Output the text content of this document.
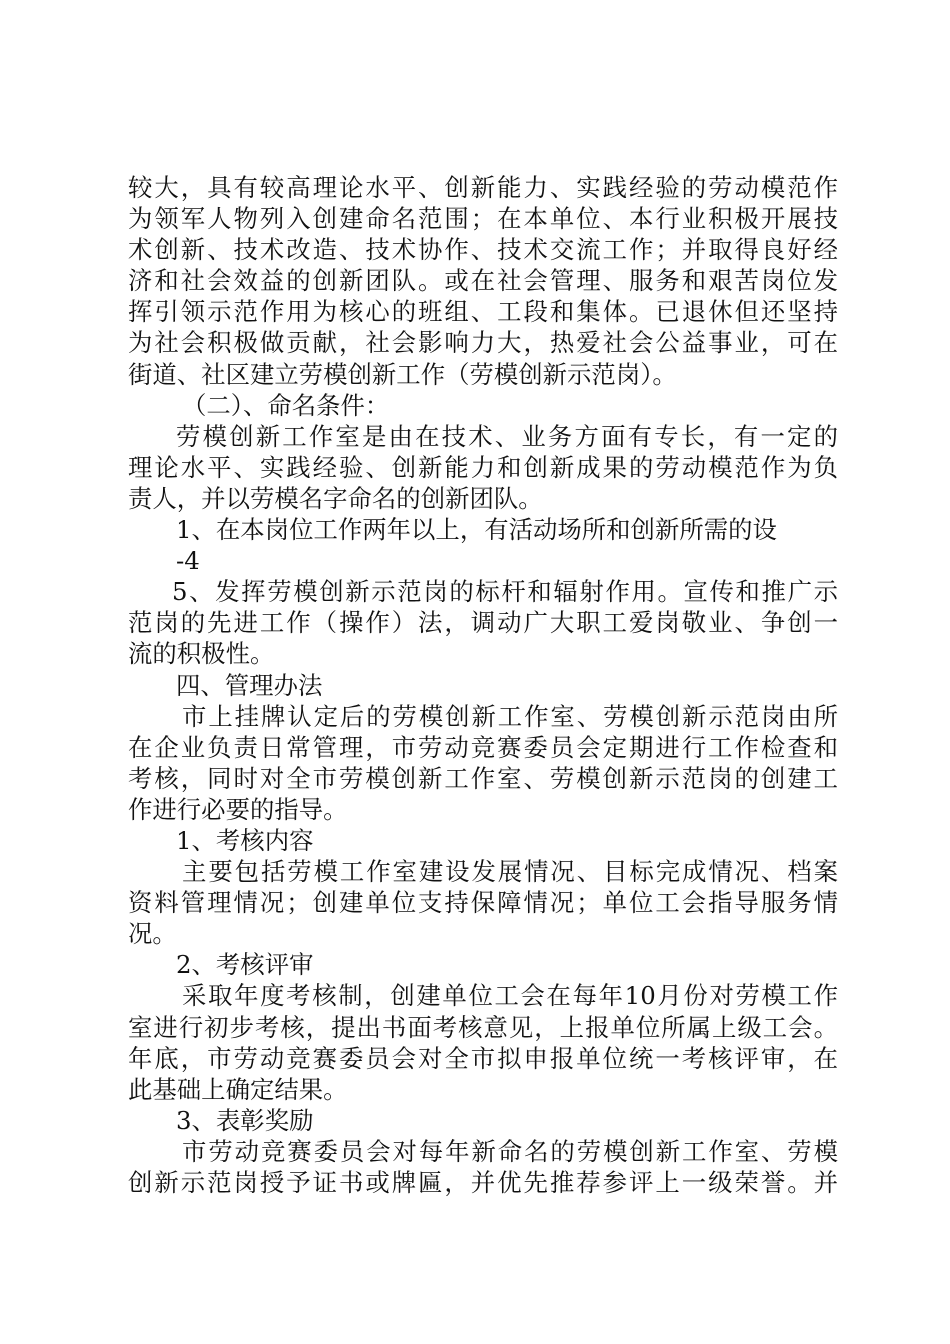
较大，具有较高理论水平、创新能力、实践经验的劳动模范作
为领军人物列入创建命名范围；在本单位、本行业积极开展技
术创新、技术改造、技术协作、技术交流工作；并取得良好经
济和社会效益的创新团队。或在社会管理、服务和艰苦岗位发
挥引领示范作用为核心的班组、工段和集体。已退休但还坚持
为社会积极做贡献，社会影响力大，热爱社会公益事业，可在
街道、社区建立劳模创新工作（劳模创新示范岗）。
（二）、命名条件：
劳模创新工作室是由在技术、业务方面有专长，有一定的
理论水平、实践经验、创新能力和创新成果的劳动模范作为负
责人，并以劳模名字命名的创新团队。
1、在本岗位工作两年以上，有活动场所和创新所需的设
-4
5、发挥劳模创新示范岗的标杆和辐射作用。宣传和推广示
范岗的先进工作（操作）法，调动广大职工爱岗敬业、争创一
流的积极性。
四、管理办法
市上挂牌认定后的劳模创新工作室、劳模创新示范岗由所
在企业负责日常管理，市劳动竞赛委员会定期进行工作检查和
考核，同时对全市劳模创新工作室、劳模创新示范岗的创建工
作进行必要的指导。
1、考核内容
主要包括劳模工作室建设发展情况、目标完成情况、档案
资料管理情况；创建单位支持保障情况；单位工会指导服务情
况。
2、考核评审
采取年度考核制，创建单位工会在每年10月份对劳模工作
室进行初步考核，提出书面考核意见，上报单位所属上级工会。
年底，市劳动竞赛委员会对全市拟申报单位统一考核评审，在
此基础上确定结果。
3、表彰奖励
市劳动竞赛委员会对每年新命名的劳模创新工作室、劳模
创新示范岗授予证书或牌匾，并优先推荐参评上一级荣誉。并
